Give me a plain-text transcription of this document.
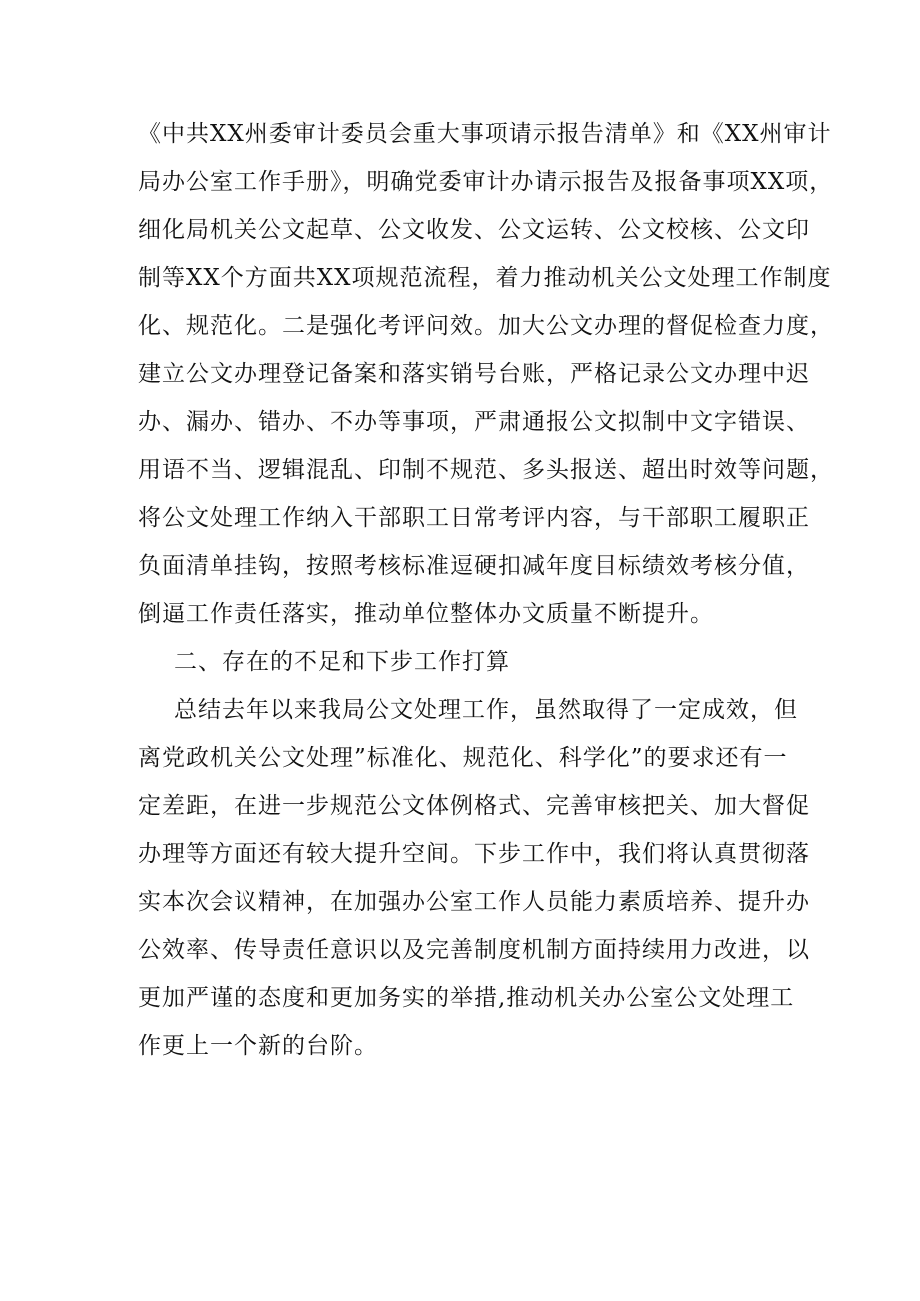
《中共XX州委审计委员会重大事项请示报告清单》和《XX州审计
局办公室工作手册》，明确党委审计办请示报告及报备事项XX项，
细化局机关公文起草、公文收发、公文运转、公文校核、公文印
制等XX个方面共XX项规范流程，着力推动机关公文处理工作制度
化、规范化。二是强化考评问效。加大公文办理的督促检查力度，
建立公文办理登记备案和落实销号台账，严格记录公文办理中迟
办、漏办、错办、不办等事项，严肃通报公文拟制中文字错误、
用语不当、逻辑混乱、印制不规范、多头报送、超出时效等问题，
将公文处理工作纳入干部职工日常考评内容，与干部职工履职正
负面清单挂钩，按照考核标准逗硬扣减年度目标绩效考核分值，
倒逼工作责任落实，推动单位整体办文质量不断提升。
二、存在的不足和下步工作打算
总结去年以来我局公文处理工作，虽然取得了一定成效，但
离党政机关公文处理”标准化、规范化、科学化”的要求还有一
定差距，在进一步规范公文体例格式、完善审核把关、加大督促
办理等方面还有较大提升空间。下步工作中，我们将认真贯彻落
实本次会议精神，在加强办公室工作人员能力素质培养、提升办
公效率、传导责任意识以及完善制度机制方面持续用力改进，以
更加严谨的态度和更加务实的举措,推动机关办公室公文处理工
作更上一个新的台阶。
